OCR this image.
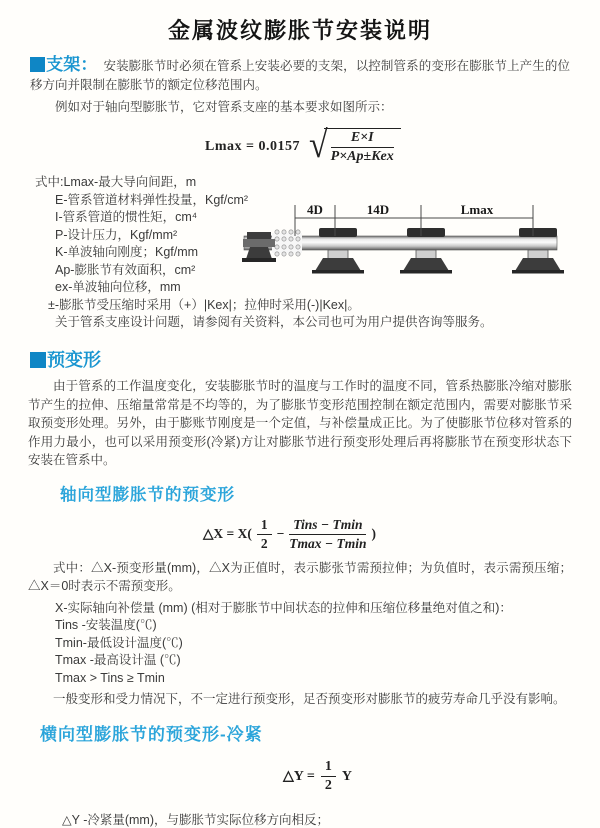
金属波纹膨胀节安装说明

支架： 安装膨胀节时必须在管系上安装必要的支架，以控制管系的变形在膨胀节上产生的位移方向并限制在膨胀节的额定位移范围内。

例如对于轴向型膨胀节，它对管系支座的基本要求如图所示：

Lmax = 0.0157 √ $\frac{E\times I}{\text{P×Ap±Kex}}$
式中:Lmax-最大导向间距，m
E-管系管道材料弹性投量，Kgf/cm²
I-管系管道的惯性矩，cm⁴
P-设计压力，Kgf/mm²
K-单波轴向刚度；Kgf/mm
Ap-膨胀节有效面积，cm²
ex-单波轴向位移，mm
±-膨胀节受压缩时采用（+）|Kex|；拉伸时采用(-)|Kex|。
关于管系支座设计问题，请参阅有关资料，本公司也可为用户提供咨询等服务。
4D	14D	Lmax
预变形

由于管系的工作温度变化，安装膨胀节时的温度与工作时的温度不同，管系热膨胀冷缩对膨胀节产生的拉伸、压缩量常常是不均等的，为了膨胀节变形范围控制在额定范围内，需要对膨胀节采取预变形处理。另外，由于膨账节刚度是一个定值，与补偿量成正比。为了使膨胀节位移对管系的作用力最小，也可以采用预变形(冷紧)方让对膨胀节进行预变形处理后再将膨胀节在预变形状态下安装在管系中。

轴向型膨胀节的预变形
△X = $X( \frac{1}{2} - \frac{\text{Tins − Tmin}}{Tmax - Tmin}$ )

式中：△X-预变形量(mm)，△X为正值时，表示膨张节需预拉伸；为负值时，表示需预压缩；△X＝0时表示不需预变形。

X-实际轴向补偿量 (mm) (相对于膨胀节中间状态的拉伸和压缩位移量绝对值之和)：

Tins -安装温度(℃)
Tmin-最低设计温度(℃)
Tmax -最高设计温 (℃)
Tmax > Tins ≥ Tmin

一般变形和受力情况下，不一定进行预变形，足否预变形对膨胀节的疲劳寿命几乎没有影响。

横向型膨胀节的预变形-冷紧
△Y = $\frac{1}{2}$ Y

△Y -冷紧量(mm)，与膨胀节实际位移方向相反；
